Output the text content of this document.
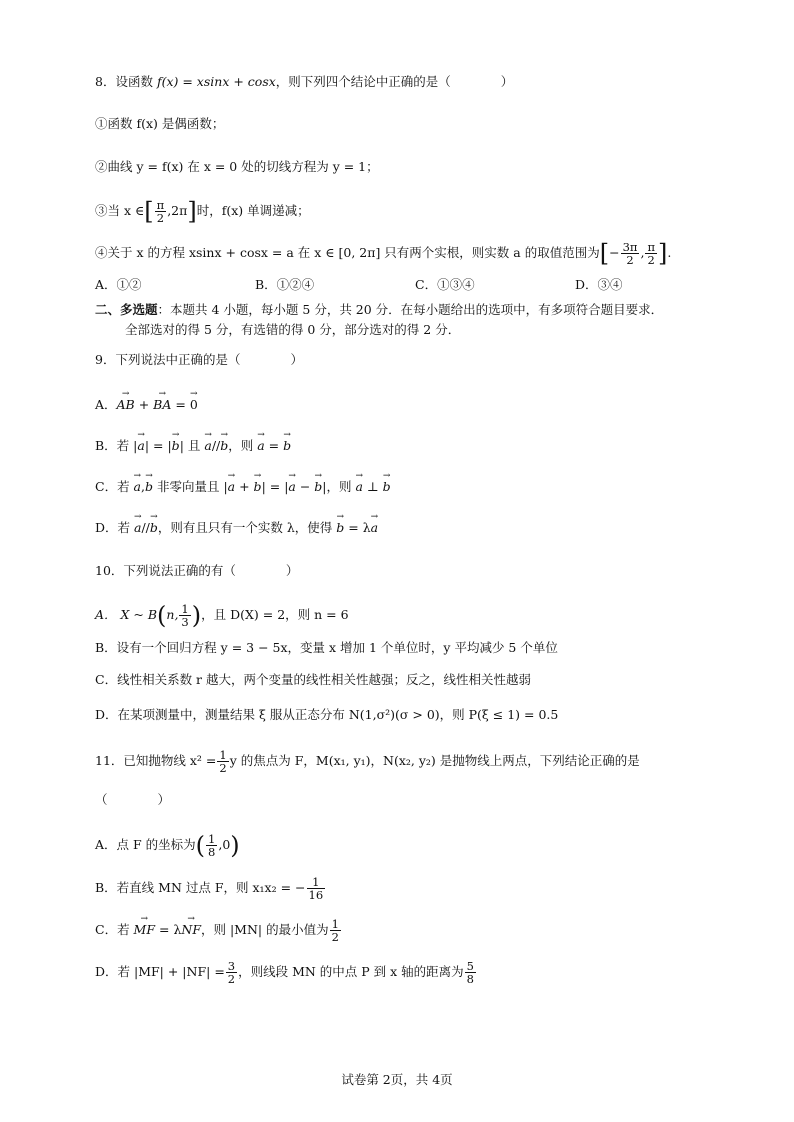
8．设函数 f(x) = xsinx + cosx，则下列四个结论中正确的是（	）
①函数 f(x) 是偶函数；
②曲线 y = f(x) 在 x = 0 处的切线方程为 y = 1；
③当 x ∈[ $\frac{\pi}{2} ,2\pi$]时，f(x) 单调递减；
④关于 x 的方程 xsinx + cosx = a 在 x ∈ [0, 2π] 只有两个实根，则实数 a 的取值范围为[− $\frac{3\pi}{2}$ , $\frac{\pi}{2}$ ].
A．①②	B．①②④	C．①③④	D．③④
二、多选题：本题共 4 小题，每小题 5 分，共 20 分．在每小题给出的选项中，有多项符合题目要求．
全部选对的得 5 分，有选错的得 0 分，部分选对的得 2 分．
9．下列说法中正确的是（	）
A．→ AB + → BA = → 0
B．若 |→ a| = |→ b| 且 → a//→ b，则 → a = → b
C．若 → a,→ b 非零向量且 |→ a + → b| = |→ a − → b|，则 → a ⊥ → b
D．若 → a//→ b，则有且只有一个实数 λ，使得 → b = λ→ a
10．下列说法正确的有（	）
A． X ~ B(n, $\frac{1}{3}$ )，且 D(X) = 2，则 n = 6
B．设有一个回归方程 y = 3 − 5x，变量 x 增加 1 个单位时，y 平均减少 5 个单位
C．线性相关系数 r 越大，两个变量的线性相关性越强；反之，线性相关性越弱
D．在某项测量中，测量结果 ξ 服从正态分布 N(1,σ²)(σ > 0)，则 P(ξ ≤ 1) = 0.5
11．已知抛物线 $x^2 = \frac{1}{2}$ y 的焦点为 F，M(x₁, y₁)，N(x₂, y₂) 是抛物线上两点，下列结论正确的是
（	）
A．点 F 的坐标为( $\frac{1}{8} ,0$)
B．若直线 MN 过点 F，则 x₁x₂ = − $\frac{1}{16}$
C．若 → MF = λ→ NF，则 |MN| 的最小值为 $\frac{1}{2}$
D．若 $|MF| + |NF| = \frac{3}{2}$ ，则线段 MN 的中点 P 到 x 轴的距离为 $\frac{5}{8}$
试卷第 2页，共 4页
